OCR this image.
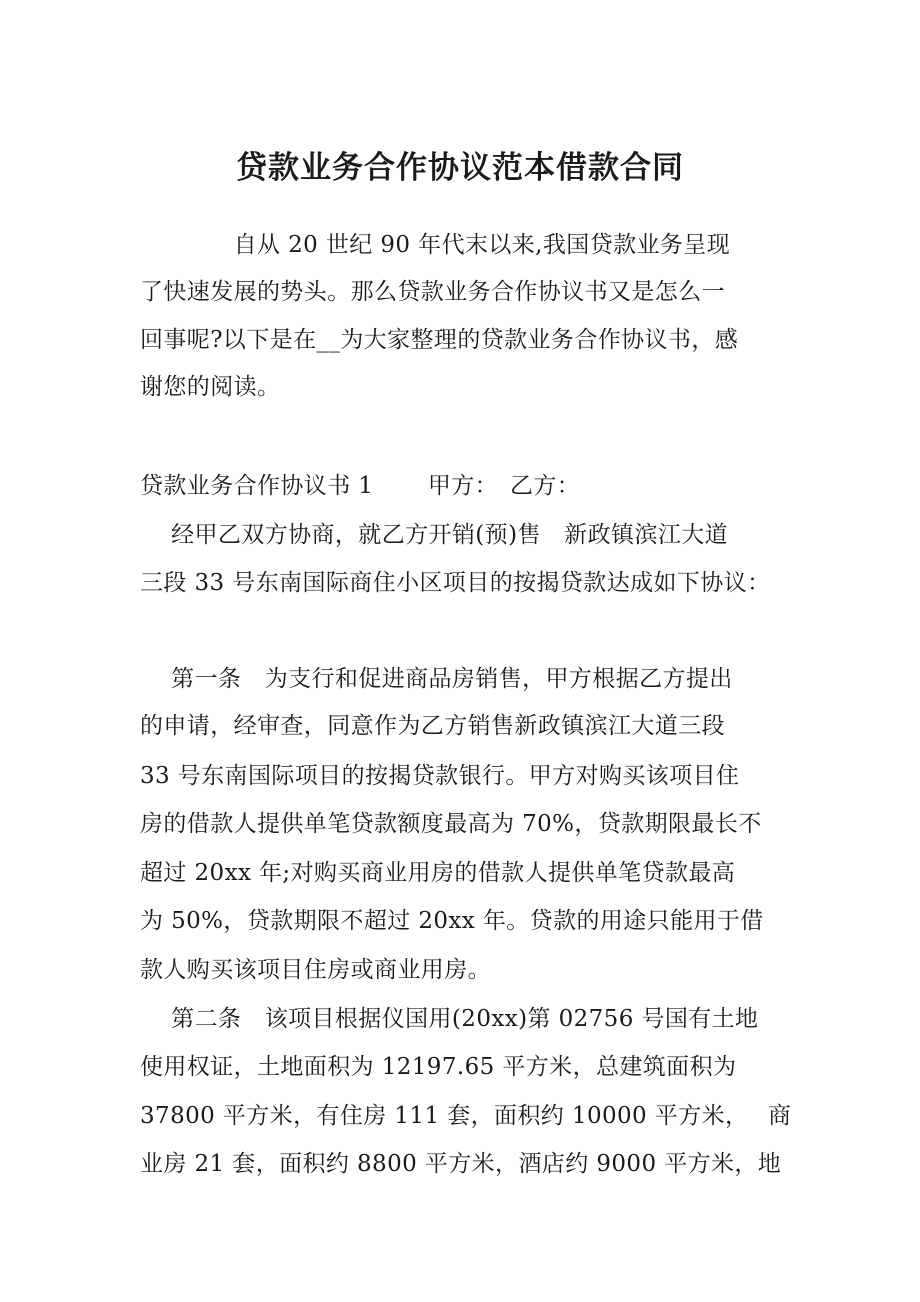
贷款业务合作协议范本借款合同
　　　　自从 20 世纪 90 年代末以来,我国贷款业务呈现
了快速发展的势头。那么贷款业务合作协议书又是怎么一
回事呢?以下是在__为大家整理的贷款业务合作协议书，感
谢您的阅读。
贷款业务合作协议书 1　　 甲方：　乙方：
　 经甲乙双方协商，就乙方开销(预)售　新政镇滨江大道
三段 33 号东南国际商住小区项目的按揭贷款达成如下协议：
　 第一条　为支行和促进商品房销售，甲方根据乙方提出
的申请，经审查，同意作为乙方销售新政镇滨江大道三段
33 号东南国际项目的按揭贷款银行。甲方对购买该项目住
房的借款人提供单笔贷款额度最高为 70%，贷款期限最长不
超过 20xx 年;对购买商业用房的借款人提供单笔贷款最高
为 50%，贷款期限不超过 20xx 年。贷款的用途只能用于借
款人购买该项目住房或商业用房。
　 第二条　该项目根据仪国用(20xx)第 02756 号国有土地
使用权证，土地面积为 12197.65 平方米，总建筑面积为
37800 平方米，有住房 111 套，面积约 10000 平方米，　 商
业房 21 套，面积约 8800 平方米，酒店约 9000 平方米，地
